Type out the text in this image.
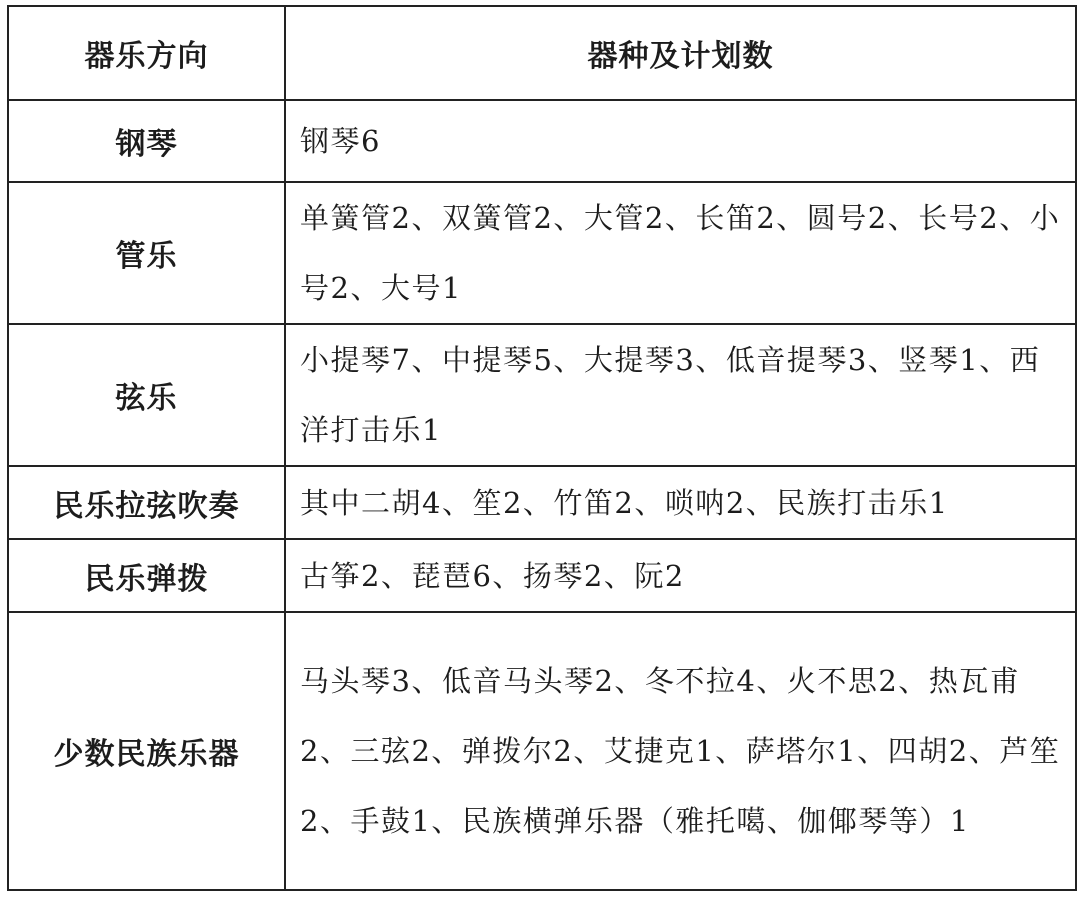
器乐方向	器种及计划数
钢琴	钢琴6
管乐	单簧管2、双簧管2、大管2、长笛2、圆号2、长号2、小号2、大号1
弦乐	小提琴7、中提琴5、大提琴3、低音提琴3、竖琴1、西洋打击乐1
民乐拉弦吹奏	其中二胡4、笙2、竹笛2、唢呐2、民族打击乐1
民乐弹拨	古筝2、琵琶6、扬琴2、阮2
少数民族乐器	马头琴3、低音马头琴2、冬不拉4、火不思2、热瓦甫2、三弦2、弹拨尔2、艾捷克1、萨塔尔1、四胡2、芦笙2、手鼓1、民族横弹乐器（雅托噶、伽倻琴等）1
